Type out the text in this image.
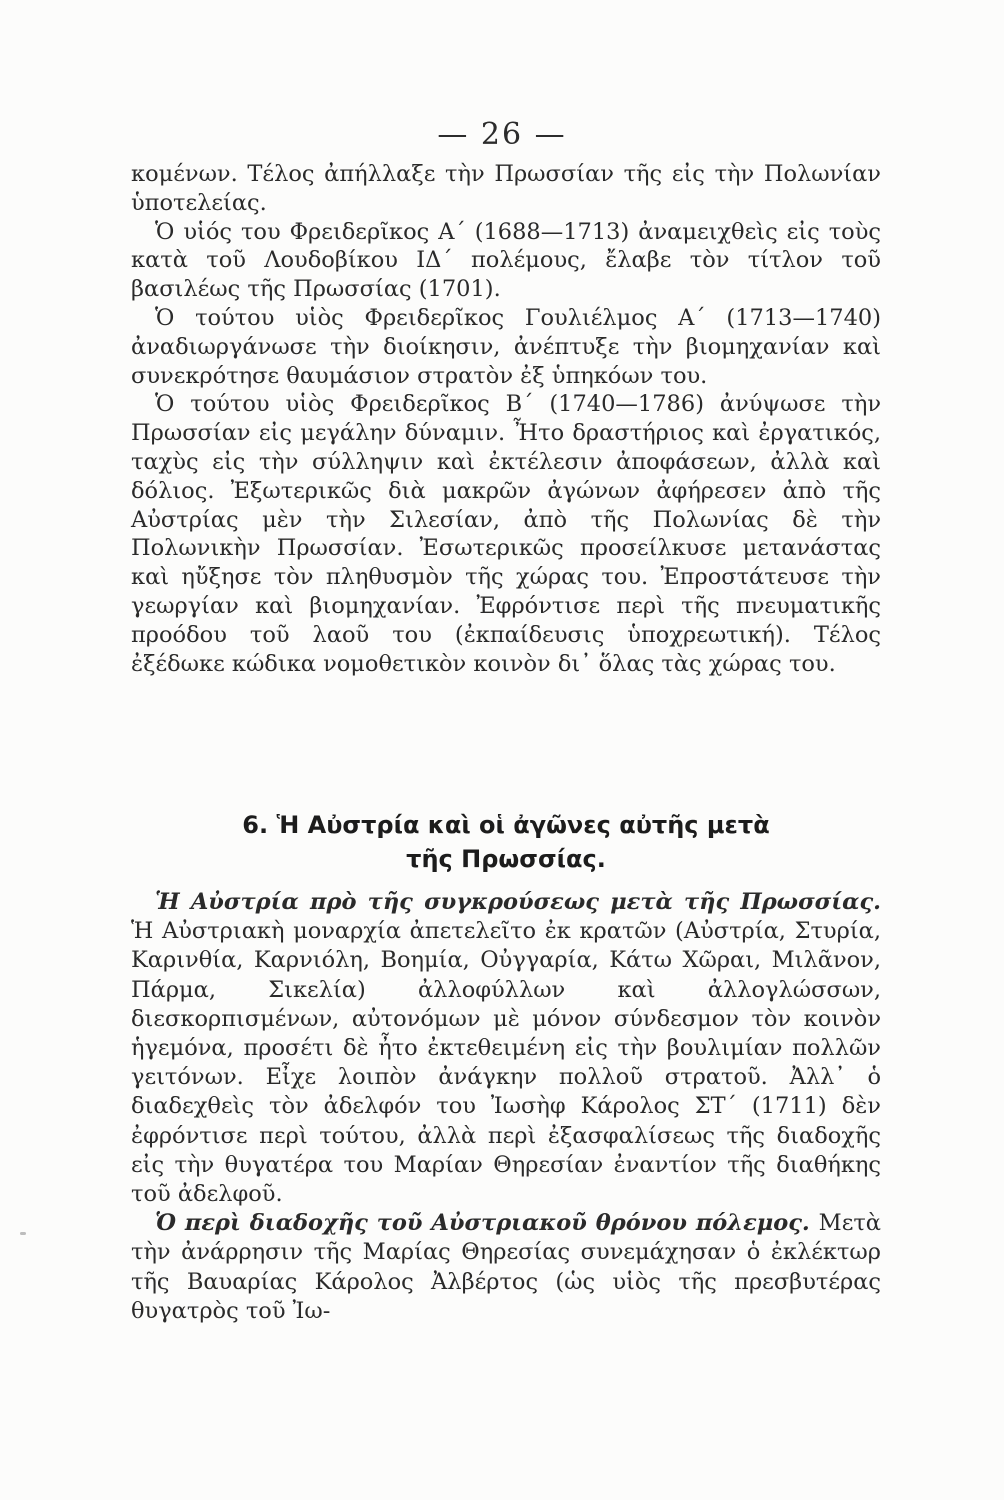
— 26 —

κομένων. Τέλος ἀπήλλαξε τὴν Πρωσσίαν τῆς εἰς τὴν Πολωνίαν ὑποτελείας.

Ὁ υἱός του Φρειδερῖκος Α΄ (1688—1713) ἀναμειχθεὶς εἰς τοὺς κατὰ τοῦ Λουδοβίκου ΙΔ΄ πολέμους, ἔλαβε τὸν τίτλον τοῦ βασιλέως τῆς Πρωσσίας (1701).

Ὁ τούτου υἱὸς Φρειδερῖκος Γουλιέλμος Α΄ (1713—1740) ἀναδιωργάνωσε τὴν διοίκησιν, ἀνέπτυξε τὴν βιομηχανίαν καὶ συνεκρότησε θαυμάσιον στρατὸν ἐξ ὑπηκόων του.

Ὁ τούτου υἱὸς Φρειδερῖκος Β΄ (1740—1786) ἀνύψωσε τὴν Πρωσσίαν εἰς μεγάλην δύναμιν. Ἦτο δραστήριος καὶ ἐργατικός, ταχὺς εἰς τὴν σύλληψιν καὶ ἐκτέλεσιν ἀποφάσεων, ἀλλὰ καὶ δόλιος. Ἐξωτερικῶς διὰ μακρῶν ἀγώνων ἀφήρεσεν ἀπὸ τῆς Αὐστρίας μὲν τὴν Σιλεσίαν, ἀπὸ τῆς Πολωνίας δὲ τὴν Πολωνικὴν Πρωσσίαν. Ἐσωτερικῶς προσείλκυσε μετανάστας καὶ ηὔξησε τὸν πληθυσμὸν τῆς χώρας του. Ἐπροστάτευσε τὴν γεωργίαν καὶ βιομηχανίαν. Ἐφρόντισε περὶ τῆς πνευματικῆς προόδου τοῦ λαοῦ του (ἐκπαίδευσις ὑποχρεωτική). Τέλος ἐξέδωκε κώδικα νομοθετικὸν κοινὸν δι᾿ ὅλας τὰς χώρας του.

6. Ἡ Αὐστρία καὶ οἱ ἀγῶνες αὐτῆς μετὰ
τῆς Πρωσσίας.

Ἡ Αὐστρία πρὸ τῆς συγκρούσεως μετὰ τῆς Πρωσσίας. Ἡ Αὐστριακὴ μοναρχία ἀπετελεῖτο ἐκ κρατῶν (Αὐστρία, Στυρία, Καρινθία, Καρνιόλη, Βοημία, Οὐγγαρία, Κάτω Χῶραι, Μιλᾶνον, Πάρμα, Σικελία) ἀλλοφύλλων καὶ ἀλλογλώσσων, διεσκορπισμένων, αὐτονόμων μὲ μόνον σύνδεσμον τὸν κοινὸν ἡγεμόνα, προσέτι δὲ ἦτο ἐκτεθειμένη εἰς τὴν βουλιμίαν πολλῶν γειτόνων. Εἶχε λοιπὸν ἀνάγκην πολλοῦ στρατοῦ. Ἀλλ᾿ ὁ διαδεχθεὶς τὸν ἀδελφόν του Ἰωσὴφ Κάρολος ΣΤ΄ (1711) δὲν ἐφρόντισε περὶ τούτου, ἀλλὰ περὶ ἐξασφαλίσεως τῆς διαδοχῆς εἰς τὴν θυγατέρα του Μαρίαν Θηρεσίαν ἐναντίον τῆς διαθήκης τοῦ ἀδελφοῦ.

Ὁ περὶ διαδοχῆς τοῦ Αὐστριακοῦ θρόνου πόλεμος. Μετὰ τὴν ἀνάρρησιν τῆς Μαρίας Θηρεσίας συνεμάχησαν ὁ ἐκλέκτωρ τῆς Βαυαρίας Κάρολος Ἀλβέρτος (ὡς υἱὸς τῆς πρεσβυτέρας θυγατρὸς τοῦ Ἰω-
